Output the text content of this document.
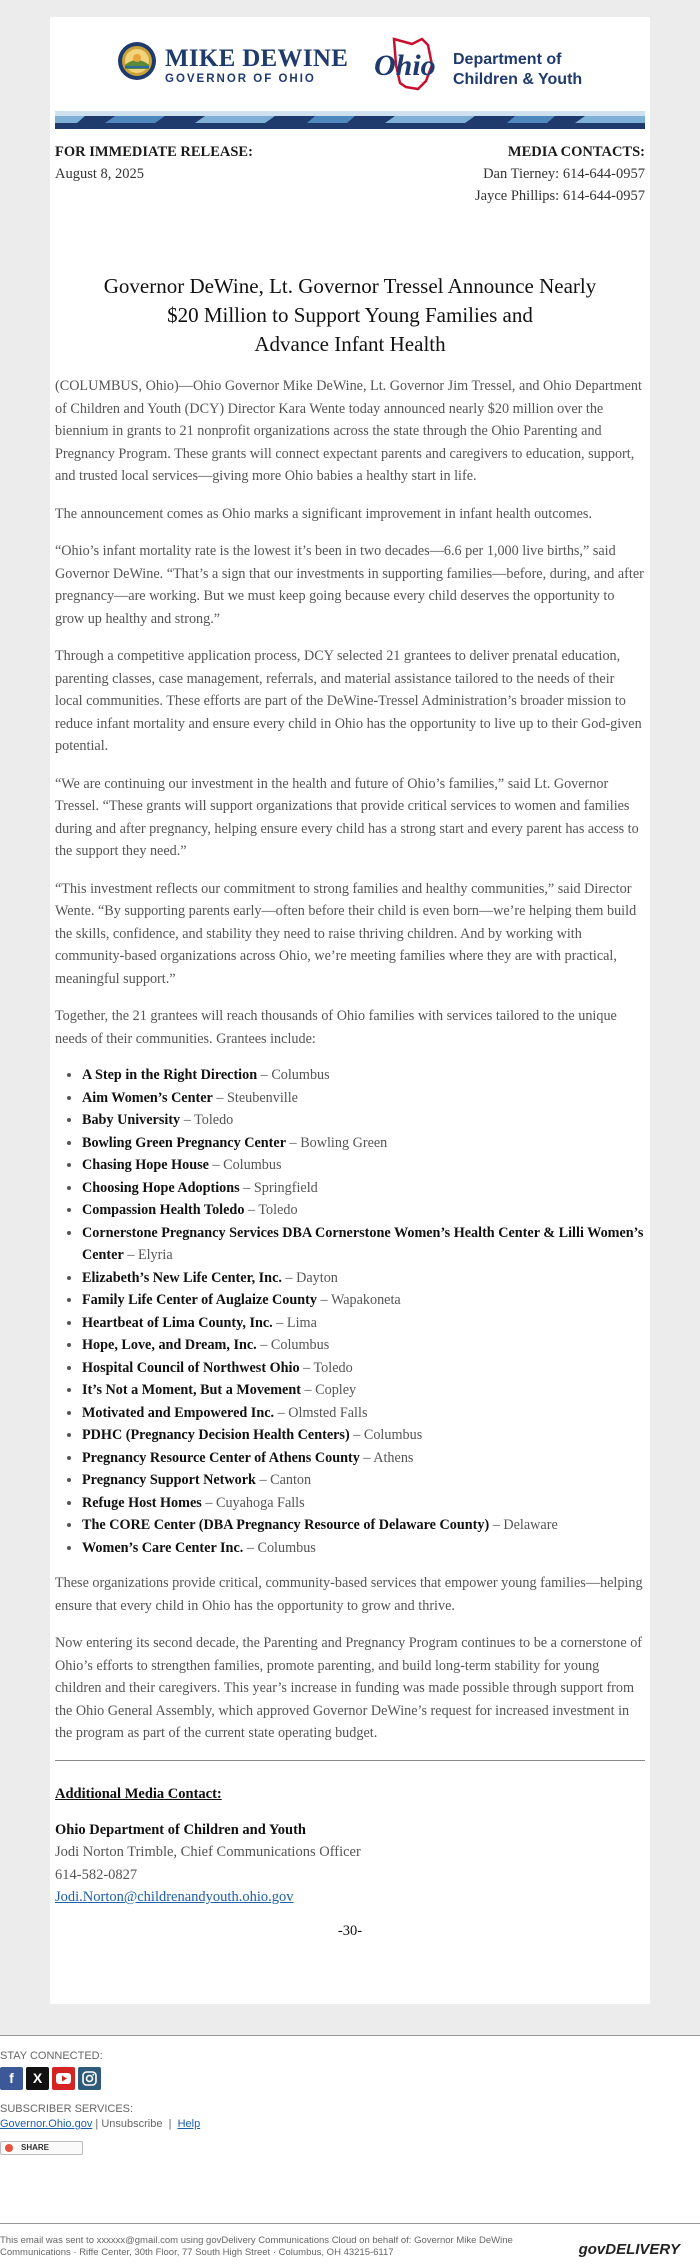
MIKE DEWINE
GOVERNOR OF OHIO Ohio Department of
Children & Youth
FOR IMMEDIATE RELEASE:
August 8, 2025
MEDIA CONTACTS:
Dan Tierney: 614-644-0957
Jayce Phillips: 614-644-0957
Governor DeWine, Lt. Governor Tressel Announce Nearly
$20 Million to Support Young Families and
Advance Infant Health

(COLUMBUS, Ohio)—Ohio Governor Mike DeWine, Lt. Governor Jim Tressel, and Ohio Department of Children and Youth (DCY) Director Kara Wente today announced nearly $20 million over the biennium in grants to 21 nonprofit organizations across the state through the Ohio Parenting and Pregnancy Program. These grants will connect expectant parents and caregivers to education, support, and trusted local services—giving more Ohio babies a healthy start in life.

The announcement comes as Ohio marks a significant improvement in infant health outcomes.

“Ohio’s infant mortality rate is the lowest it’s been in two decades—6.6 per 1,000 live births,” said Governor DeWine. “That’s a sign that our investments in supporting families—before, during, and after pregnancy—are working. But we must keep going because every child deserves the opportunity to grow up healthy and strong.”

Through a competitive application process, DCY selected 21 grantees to deliver prenatal education, parenting classes, case management, referrals, and material assistance tailored to the needs of their local communities. These efforts are part of the DeWine-Tressel Administration’s broader mission to reduce infant mortality and ensure every child in Ohio has the opportunity to live up to their God-given potential.

“We are continuing our investment in the health and future of Ohio’s families,” said Lt. Governor Tressel. “These grants will support organizations that provide critical services to women and families during and after pregnancy, helping ensure every child has a strong start and every parent has access to the support they need.”

“This investment reflects our commitment to strong families and healthy communities,” said Director Wente. “By supporting parents early—often before their child is even born—we’re helping them build the skills, confidence, and stability they need to raise thriving children. And by working with community-based organizations across Ohio, we’re meeting families where they are with practical, meaningful support.”

Together, the 21 grantees will reach thousands of Ohio families with services tailored to the unique needs of their communities. Grantees include:

• A Step in the Right Direction – Columbus
• Aim Women’s Center – Steubenville
• Baby University – Toledo
• Bowling Green Pregnancy Center – Bowling Green
• Chasing Hope House – Columbus
• Choosing Hope Adoptions – Springfield
• Compassion Health Toledo – Toledo
• Cornerstone Pregnancy Services DBA Cornerstone Women’s Health Center & Lilli Women’s Center – Elyria
• Elizabeth’s New Life Center, Inc. – Dayton
• Family Life Center of Auglaize County – Wapakoneta
• Heartbeat of Lima County, Inc. – Lima
• Hope, Love, and Dream, Inc. – Columbus
• Hospital Council of Northwest Ohio – Toledo
• It’s Not a Moment, But a Movement – Copley
• Motivated and Empowered Inc. – Olmsted Falls
• PDHC (Pregnancy Decision Health Centers) – Columbus
• Pregnancy Resource Center of Athens County – Athens
• Pregnancy Support Network – Canton
• Refuge Host Homes – Cuyahoga Falls
• The CORE Center (DBA Pregnancy Resource of Delaware County) – Delaware
• Women’s Care Center Inc. – Columbus

These organizations provide critical, community-based services that empower young families—helping ensure that every child in Ohio has the opportunity to grow and thrive.

Now entering its second decade, the Parenting and Pregnancy Program continues to be a cornerstone of Ohio’s efforts to strengthen families, promote parenting, and build long-term stability for young children and their caregivers. This year’s increase in funding was made possible through support from the Ohio General Assembly, which approved Governor DeWine’s request for increased investment in the program as part of the current state operating budget.

Additional Media Contact:
Ohio Department of Children and Youth
Jodi Norton Trimble, Chief Communications Officer
614-582-0827
Jodi.Norton@childrenandyouth.ohio.gov
-30-
STAY CONNECTED:
f	X
SUBSCRIBER SERVICES:
Governor.Ohio.gov | Unsubscribe  |  Help
SHARE
This email was sent to xxxxxx@gmail.com using govDelivery Communications Cloud on behalf of: Governor Mike DeWine Communications · Riffe Center, 30th Floor, 77 South High Street · Columbus, OH 43215-6117	govDELIVERY
